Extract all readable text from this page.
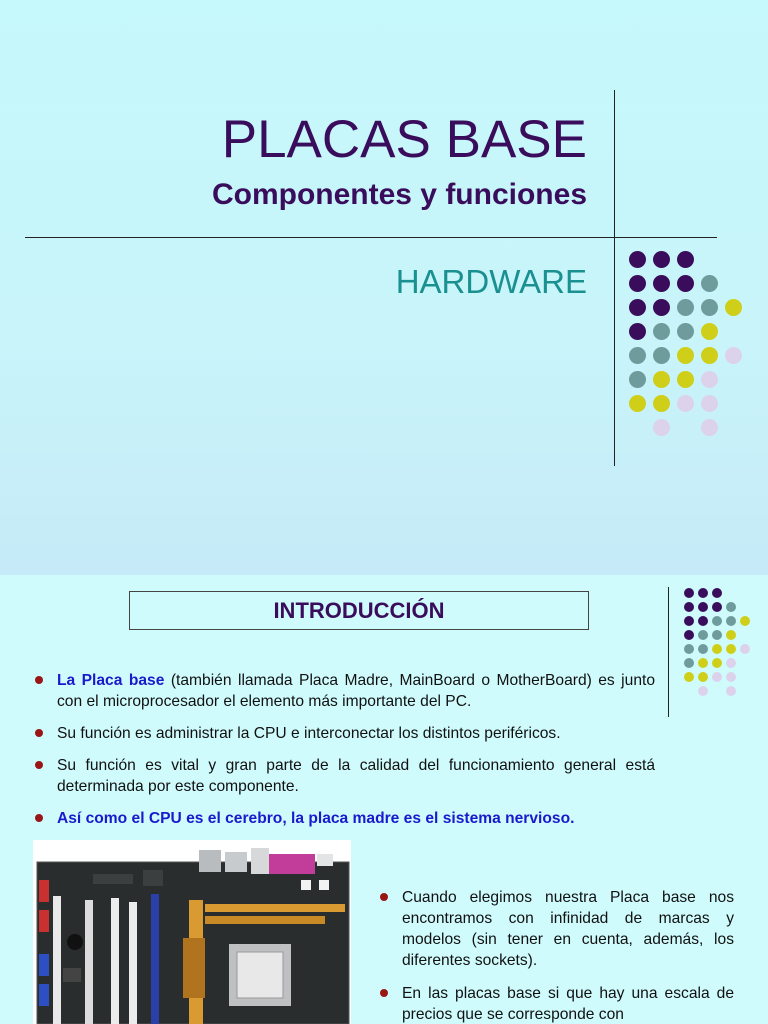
PLACAS BASE
Componentes y funciones
HARDWARE
INTRODUCCIÓN
La Placa base (también llamada Placa Madre, MainBoard o MotherBoard) es junto con el microprocesador el elemento más importante del PC.
Su función es administrar la CPU e interconectar los distintos periféricos.
Su función es vital y gran parte de la calidad del funcionamiento general está determinada por este componente.
Así como el CPU es el cerebro, la placa madre es el sistema nervioso.
Cuando elegimos nuestra Placa base nos encontramos con infinidad de marcas y modelos (sin tener en cuenta, además, los diferentes sockets).
En las placas base si que hay una escala de precios que se corresponde con
